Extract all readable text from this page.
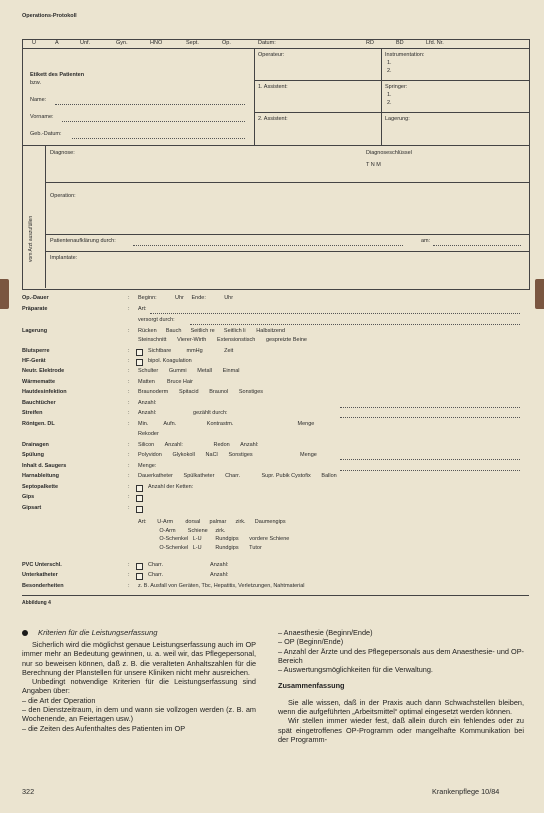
Operations-Protokoll
U	A	Unf.	Gyn.	HNO	Sept.	Op.	Datum:	RD	BD	Lfd. Nr.
Etikett des Patienten
bzw.
Name:
Vorname:
Geb.-Datum:
Operateur:	Instrumentation:
1.
2.
1. Assistent:	Springer:
1.
2.
2. Assistent:	Lagerung:
vom Arzt auszufüllen
Diagnose:	Diagnoseschlüssel
T N M
Operation:
Patientenaufklärung durch:	am:
Implantate:
Op.-Dauer	: Beginn:            Uhr     Ende:            Uhr
Präparate	: Art:
versorgt durch:
Lagerung	: Rücken      Bauch      Seitlich re      Seitlich li       Halbsitzend
Steinschnitt       Vierer-Wirth       Extensionstisch       gespreizte Beine
Blutsperre	:	Sichtbare          mmHg              Zeit
HF-Gerät	:	bipol. Koagulation
Neutr. Elektrode	: Schulter       Gummi       Metall       Einmal
Wärmematte	: Matten        Bruce Hair
Hautdesinfektion	: Braunoderm       Spitacid       Braunol       Sonstiges
Bauchtücher	: Anzahl:
Streifen	: Anzahl:                        gezählt durch:
Röntgen. DL	: Min.          Aufn.                    Kontrastm.                                          Menge
Rekoder
Drainagen	: Silicon       Anzahl:                    Redon       Anzahl:
Spülung	: Polyvidon       Glykokoll       NaCl       Sonstiges                               Menge
Inhalt d. Saugers	: Menge:
Harnableitung	: Dauerkatheter       Spülkatheter       Charr.              Supr. Pubik Cystofix       Ballon
Septopalkette	:	Anzahl der Ketten:
Gips	:
Gipsart	:
Art:       U-Arm        dorsal      palmar      zirk.      Daumengips
O-Arm        Schiene     zirk.
O-Schenkel   L-U         Rundgips       vordere Schiene
O-Schenkel   L-U         Rundgips       Tutor
PVC Unterschl.	:	Charr.                               Anzahl:
Unterkatheter	:	Charr.                               Anzahl:
Besonderheiten	: z. B. Ausfall von Geräten, Tbc, Hepatitis, Verletzungen, Nahtmaterial
Abbildung 4
Kriterien für die Leistungserfassung

Sicherlich wird die möglichst genaue Leistungserfassung auch im OP immer mehr an Bedeutung gewinnen, u. a. weil wir, das Pflegepersonal, nur so beweisen können, daß z. B. die veralteten Anhaltszahlen für die Berechnung der Planstellen für unsere Kliniken nicht mehr ausreichen.

Unbedingt notwendige Kriterien für die Leistungserfassung sind Angaben über:

– die Art der Operation

– den Dienstzeitraum, in dem und wann sie vollzogen werden (z. B. am Wochenende, an Feiertagen usw.)

– die Zeiten des Aufenthaltes des Patienten im OP

– Anaesthesie (Beginn/Ende)

– OP (Beginn/Ende)

– Anzahl der Ärzte und des Pflegepersonals aus dem Anaesthesie- und OP-Bereich

– Auswertungsmöglichkeiten für die Verwaltung.

Zusammenfassung

Sie alle wissen, daß in der Praxis auch dann Schwachstellen bleiben, wenn die aufgeführten „Arbeitsmittel“ optimal eingesetzt werden können.

Wir stellen immer wieder fest, daß allein durch ein fehlendes oder zu spät eingetroffenes OP-Programm oder mangelhafte Kommunikation bei der Programm-

322	Krankenpflege 10/84
